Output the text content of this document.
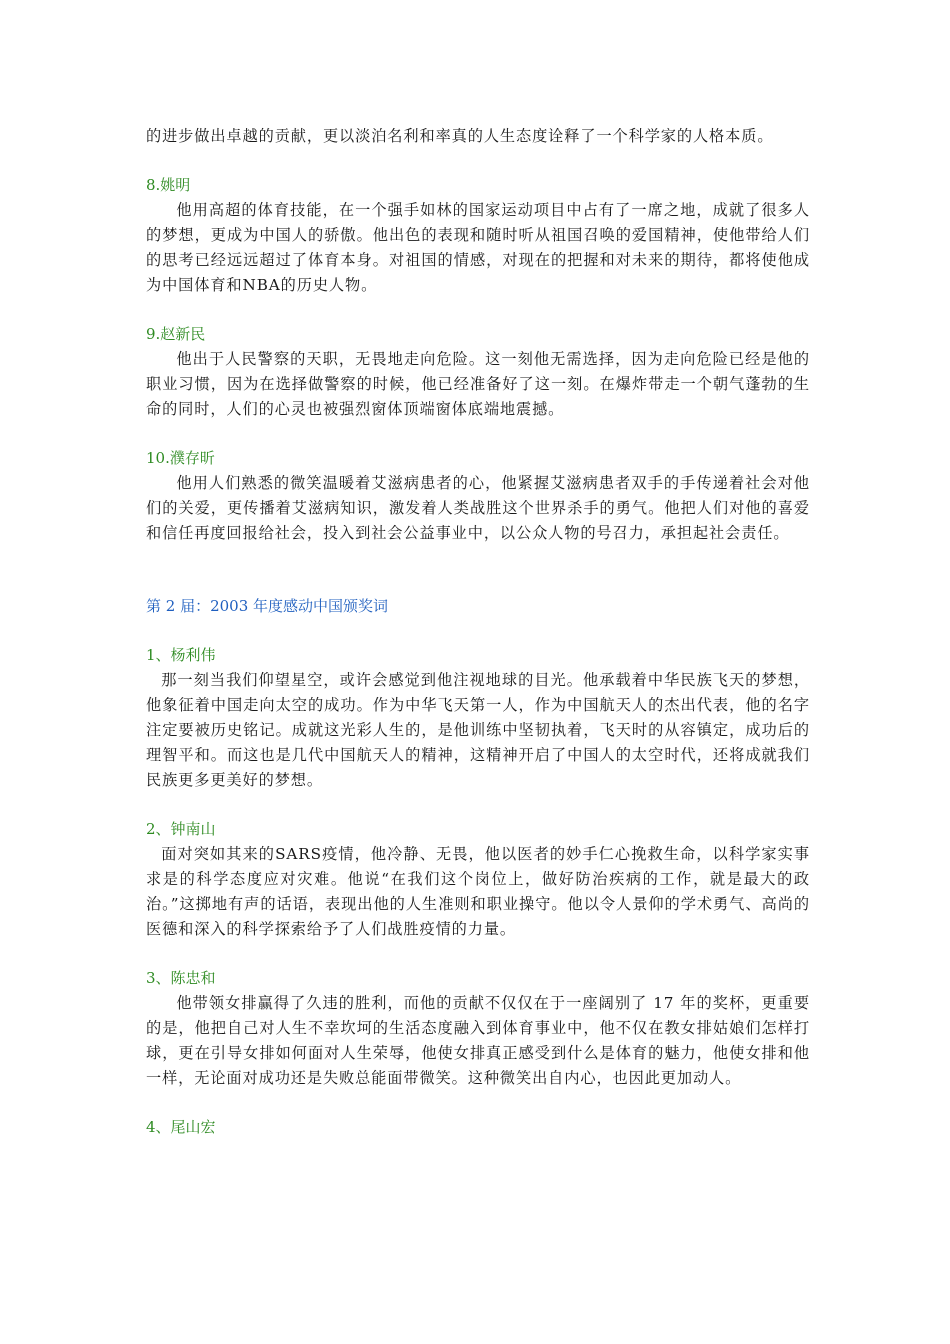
的进步做出卓越的贡献，更以淡泊名利和率真的人生态度诠释了一个科学家的人格本质。

8.姚明

他用高超的体育技能，在一个强手如林的国家运动项目中占有了一席之地，成就了很多人的梦想，更成为中国人的骄傲。他出色的表现和随时听从祖国召唤的爱国精神，使他带给人们的思考已经远远超过了体育本身。对祖国的情感，对现在的把握和对未来的期待，都将使他成为中国体育和NBA的历史人物。

9.赵新民

他出于人民警察的天职，无畏地走向危险。这一刻他无需选择，因为走向危险已经是他的职业习惯，因为在选择做警察的时候，他已经准备好了这一刻。在爆炸带走一个朝气蓬勃的生命的同时，人们的心灵也被强烈窗体顶端窗体底端地震撼。

10.濮存昕

他用人们熟悉的微笑温暖着艾滋病患者的心，他紧握艾滋病患者双手的手传递着社会对他们的关爱，更传播着艾滋病知识，激发着人类战胜这个世界杀手的勇气。他把人们对他的喜爱和信任再度回报给社会，投入到社会公益事业中，以公众人物的号召力，承担起社会责任。

第 2 届：2003 年度感动中国颁奖词
1、杨利伟

那一刻当我们仰望星空，或许会感觉到他注视地球的目光。他承载着中华民族飞天的梦想，他象征着中国走向太空的成功。作为中华飞天第一人，作为中国航天人的杰出代表，他的名字注定要被历史铭记。成就这光彩人生的，是他训练中坚韧执着，飞天时的从容镇定，成功后的理智平和。而这也是几代中国航天人的精神，这精神开启了中国人的太空时代，还将成就我们民族更多更美好的梦想。

2、钟南山

面对突如其来的SARS疫情，他冷静、无畏，他以医者的妙手仁心挽救生命，以科学家实事求是的科学态度应对灾难。他说“在我们这个岗位上，做好防治疾病的工作，就是最大的政治。”这掷地有声的话语，表现出他的人生准则和职业操守。他以令人景仰的学术勇气、高尚的医德和深入的科学探索给予了人们战胜疫情的力量。

3、陈忠和

他带领女排赢得了久违的胜利，而他的贡献不仅仅在于一座阔别了 17 年的奖杯，更重要的是，他把自己对人生不幸坎坷的生活态度融入到体育事业中，他不仅在教女排姑娘们怎样打球，更在引导女排如何面对人生荣辱，他使女排真正感受到什么是体育的魅力，他使女排和他一样，无论面对成功还是失败总能面带微笑。这种微笑出自内心，也因此更加动人。

4、尾山宏
